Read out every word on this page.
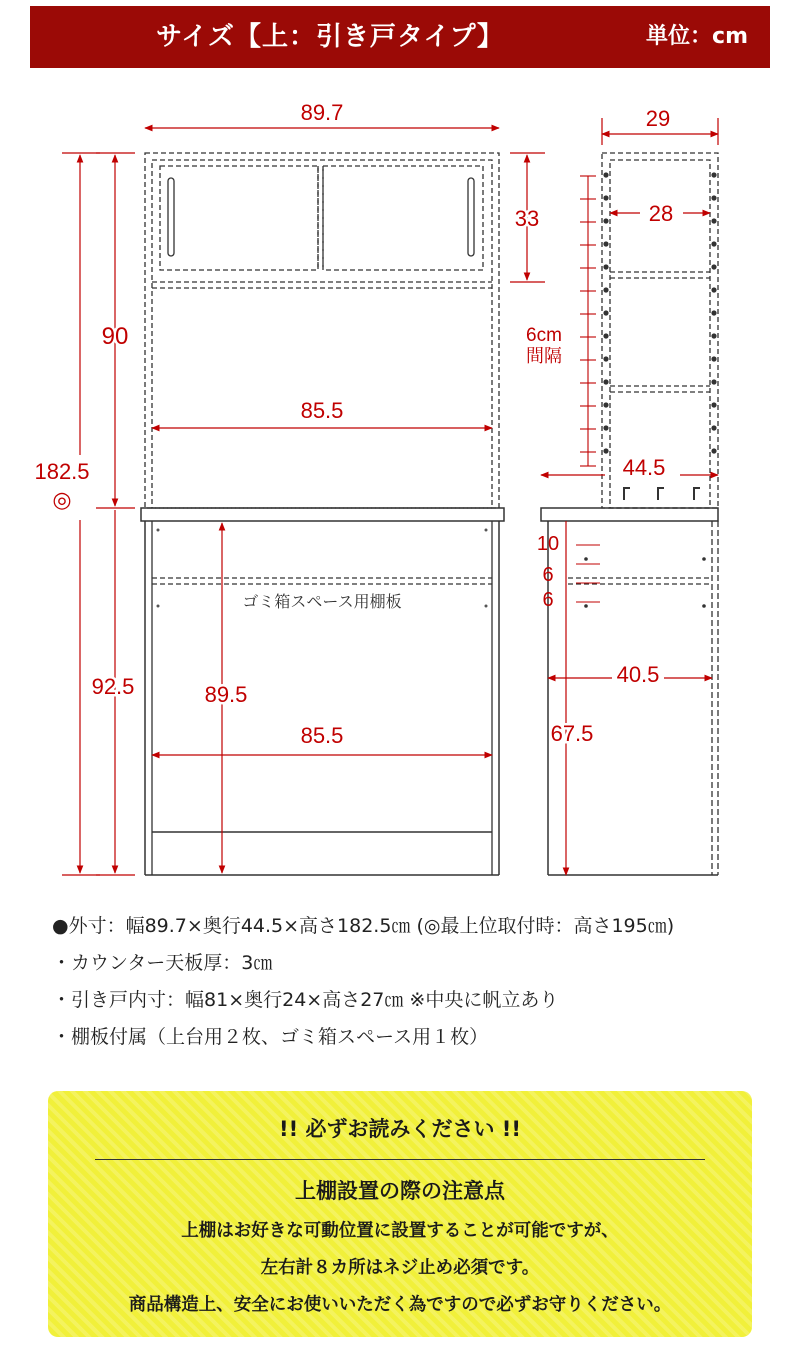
サイズ【上：引き戸タイプ】	単位：cm
89.7
90
182.5
◎
92.5
33
85.5
ゴミ箱スペース用棚板
89.5
85.5
29
28
6cm
間隔
44.5
10
6
6
40.5
67.5
●外寸：幅89.7×奥行44.5×高さ182.5㎝ (◎最上位取付時：高さ195㎝)
・カウンター天板厚：3㎝
・引き戸内寸：幅81×奥行24×高さ27㎝ ※中央に帆立あり
・棚板付属（上台用２枚、ゴミ箱スペース用１枚）
!! 必ずお読みください !!
上棚設置の際の注意点
上棚はお好きな可動位置に設置することが可能ですが、
左右計８カ所はネジ止め必須です。
商品構造上、安全にお使いいただく為ですので必ずお守りください。
